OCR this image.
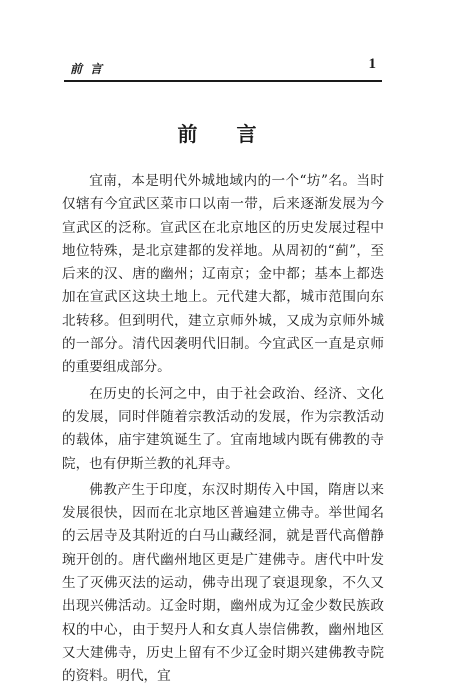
前言	1
前 言

宜南，本是明代外城地域内的一个“坊”名。当时仅辖有今宜武区菜市口以南一带，后来逐渐发展为今宣武区的泛称。宣武区在北京地区的历史发展过程中地位特殊，是北京建都的发祥地。从周初的“蓟”，至后来的汉、唐的幽州；辽南京；金中都；基本上都迭加在宣武区这块土地上。元代建大都，城市范围向东北转移。但到明代，建立京师外城，又成为京师外城的一部分。清代因袭明代旧制。今宜武区一直是京师的重要组成部分。

在历史的长河之中，由于社会政治、经济、文化的发展，同时伴随着宗教活动的发展，作为宗教活动的载体，庙宇建筑诞生了。宜南地域内既有佛教的寺院，也有伊斯兰教的礼拜寺。

佛教产生于印度，东汉时期传入中国，隋唐以来发展很快，因而在北京地区普遍建立佛寺。举世闻名的云居寺及其附近的白马山藏经洞，就是晋代高僧静琬开创的。唐代幽州地区更是广建佛寺。唐代中叶发生了灭佛灭法的运动，佛寺出现了衰退现象，不久又出现兴佛活动。辽金时期，幽州成为辽金少数民族政权的中心，由于契丹人和女真人崇信佛教，幽州地区又大建佛寺，历史上留有不少辽金时期兴建佛教寺院的资料。明代，宜
